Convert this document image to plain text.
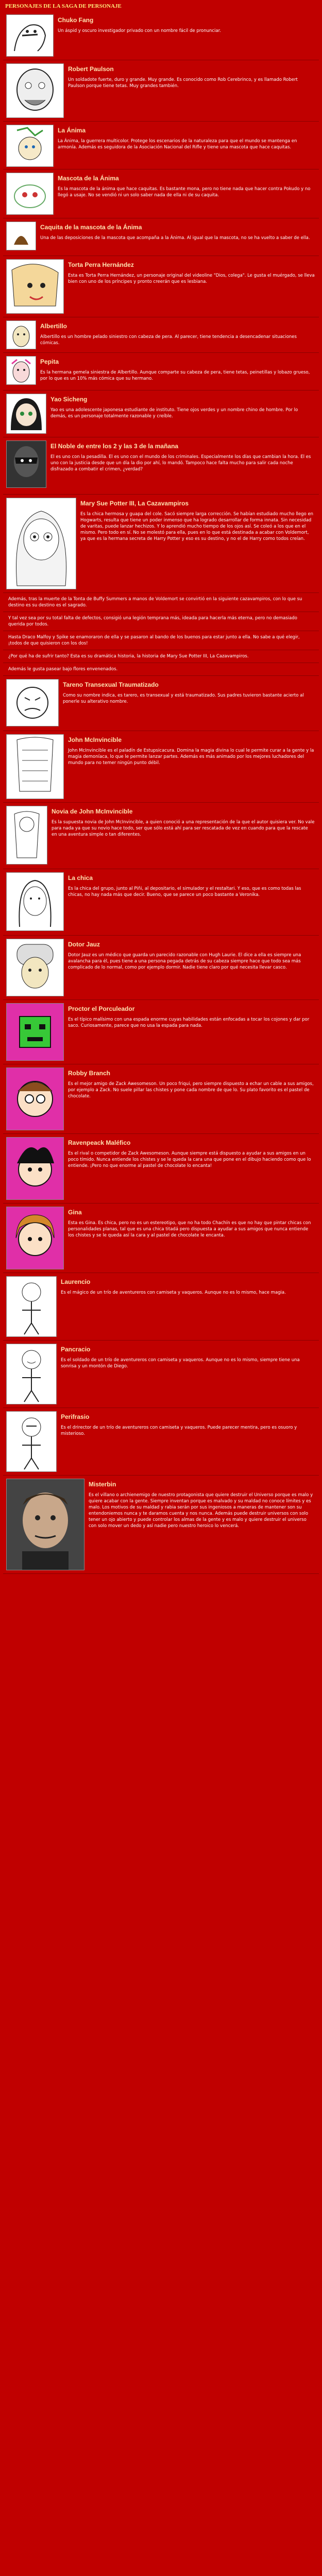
PERSONAJES DE LA SAGA DE PERSONAJE

Chuko Fang

Un áspid y oscuro investigador privado con un nombre fácil de pronunciar.

Robert Paulson

Un soldadote fuerte, duro y grande. Muy grande. Es conocido como Rob Cerebrinco, y es llamado Robert Paulson porque tiene tetas. Muy grandes también.

La Ánima

La Ánima, la guerrera multicolor. Protege los escenarios de la naturaleza para que el mundo se mantenga en armonía. Además es seguidora de la Asociación Nacional del Rifle y tiene una mascota que hace caquitas.

Mascota de la Ánima

Es la mascota de la ánima que hace caquitas. Es bastante mona, pero no tiene nada que hacer contra Pokudo y no llegó a usaje. No se vendió ni un solo saber nada de ella ni de su caquita.

Caquita de la mascota de la Ánima

Una de las deposiciones de la mascota que acompaña a la Ánima. Al igual que la mascota, no se ha vuelto a saber de ella.

Torta Perra Hernández

Esta es Torta Perra Hernández, un personaje original del videoline "Dios, colega". Le gusta el muérgado, se lleva bien con uno de los príncipes y pronto creerán que es lesbiana.

Albertillo

Albertillo es un hombre pelado siniestro con cabeza de pera. Al parecer, tiene tendencia a desencadenar situaciones cómicas.

Pepita

Es la hermana gemela siniestra de Albertillo. Aunque comparte su cabeza de pera, tiene tetas, peinetillas y lobazo grueso, por lo que es un 10% más cómica que su hermano.

Yao Sicheng

Yao es una adolescente japonesa estudiante de instituto. Tiene ojos verdes y un nombre chino de hombre. Por lo demás, es un personaje totalmente razonable y creíble.

El Noble de entre los 2 y las 3 de la mañana

El es uno con la pesadilla. El es uno con el mundo de los criminales. Especialmente los días que cambian la hora. El es uno con la justicia desde que un día la dio por ahí, lo mandó. Tampoco hace falta mucho para salir cada noche disfrazado a combatir el crimen, ¿verdad?

Mary Sue Potter III, La Cazavampiros

Es la chica hermosa y guapa del cole. Sacó siempre larga corrección. Se habían estudiado mucho llego en Hogwarts, resulta que tiene un poder inmenso que ha logrado desarrollar de forma innata. Sin necesidad de varitas, puede lanzar hechizos. Y lo aprendió mucho tiempo de los ojos así. Se coleó a los que en el mismo. Pero todo en sí. No se molestó para ella, pues en lo que está destinada a acabar con Voldemort, ya que es la hermana secreta de Harry Potter y eso es su destino, y no el de Harry como todos creían.

Además, tras la muerte de la Tonta de Buffy Summers a manos de Voldemort se convirtió en la siguiente cazavampiros, con lo que su destino es su destino es el sagrado.

Y tal vez sea por su total falta de defectos, consigió una legión temprana más, ideada para hacerla más eterna, pero no demasiado querida por todos.

Hasta Draco Malfoy y Spike se enamoraron de ella y se pasaron al bando de los buenos para estar junto a ella. No sabe a qué elegir, ¡todos de que quisieron con los dos!

¿Por qué ha de sufrir tanto? Esta es su dramática historia, la historia de Mary Sue Potter III, La Cazavampiros.

Además le gusta pasear bajo flores envenenados.

Tareno Transexual Traumatizado

Como su nombre indica, es tarero, es transexual y está traumatizado. Sus padres tuvieron bastante acierto al ponerle su alterativo nombre.

John McInvincible

John McInvincible es el paladín de Estupsicacura. Domina la magia divina lo cual le permite curar a la gente y la magia demoníaca, lo que le permite lanzar partes. Además es más animado por los mejores luchadores del mundo para no temer ningún punto débil.

Novia de John McInvincible

Es la supuesta novia de John McInvincible, a quien conoció a una representación de la que el autor quisiera ver. No vale para nada ya que su novio hace todo, ser que sólo está ahí para ser rescatada de vez en cuando para que la rescate en una aventura simple o tan diferentes.

La chica

Es la chica del grupo, junto al Piñi, al depositario, el simulador y el restaltari. Y eso, que es como todas las chicas, no hay nada más que decir. Bueno, que se parece un poco bastante a Veronika.

Dotor Jauz

Dotor Jauz es un médico que guarda un parecido razonable con Hugh Laurie. El dice a ella es siempre una avalancha para él, pues tiene a una persona pegada detrás de su cabeza siempre hace que todo sea más complicado de lo normal, como por ejemplo dormir. Nadie tiene claro por qué necesita llevar casco.

Proctor el Porculeador

Es el típico malísimo con una espada enorme cuyas habilidades están enfocadas a tocar los cojones y dar por saco. Curiosamente, parece que no usa la espada para nada.

Robby Branch

Es el mejor amigo de Zack Awesomeson. Un poco friqui, pero siempre dispuesto a echar un cable a sus amigos, por ejemplo a Zack. No suele pillar las chistes y pone cada nombre de que lo. Su plato favorito es el pastel de chocolate.

Ravenpeack Maléfico

Es el rival o competidor de Zack Awesomeson. Aunque siempre está dispuesto a ayudar a sus amigos en un poco tímido. Nunca entiende los chistes y se le queda la cara una que pone en el dibujo haciendo como que lo entiende. ¡Pero no que enorme al pastel de chocolate lo encanta!

Gina

Esta es Gina. Es chica, pero no es un estereotipo, que no ha todo Chachín es que no hay que pintar chicas con personalidades planas, tal que es una chica titadá pero dispuesta a ayudar a sus amigos que nunca entiende los chistes y se le queda así la cara y al pastel de chocolate le encanta.

Laurencio

Es el mágico de un trío de aventureros con camiseta y vaqueros. Aunque no es lo mismo, hace magia.

Pancracio

Es el soldado de un trío de aventureros con camiseta y vaqueros. Aunque no es lo mismo, siempre tiene una sonrisa y un montón de Diego.

Perifrasio

Es el drirector de un trío de aventureros con camiseta y vaqueros. Puede parecer mentira, pero es osuoro y misterioso.

Misterbin

Es el villano o archienemigo de nuestro protagonista que quiere destruir el Universo porque es malo y quiere acabar con la gente. Siempre inventan porque es malvado y su maldad no conoce límites y es malo. Los motivos de su maldad y rabia serán por sus ingeniosos a maneras de mantener son su entendoniemos nunca y te daramos cuenta y nos nunca. Además puede destruir universos con solo tener un ojo abierto y puede controlar los almas de la gente y es malo y quiere destruir el universo con solo mover un dedo y así nadie pero nuestro heroico lo vencerá.
